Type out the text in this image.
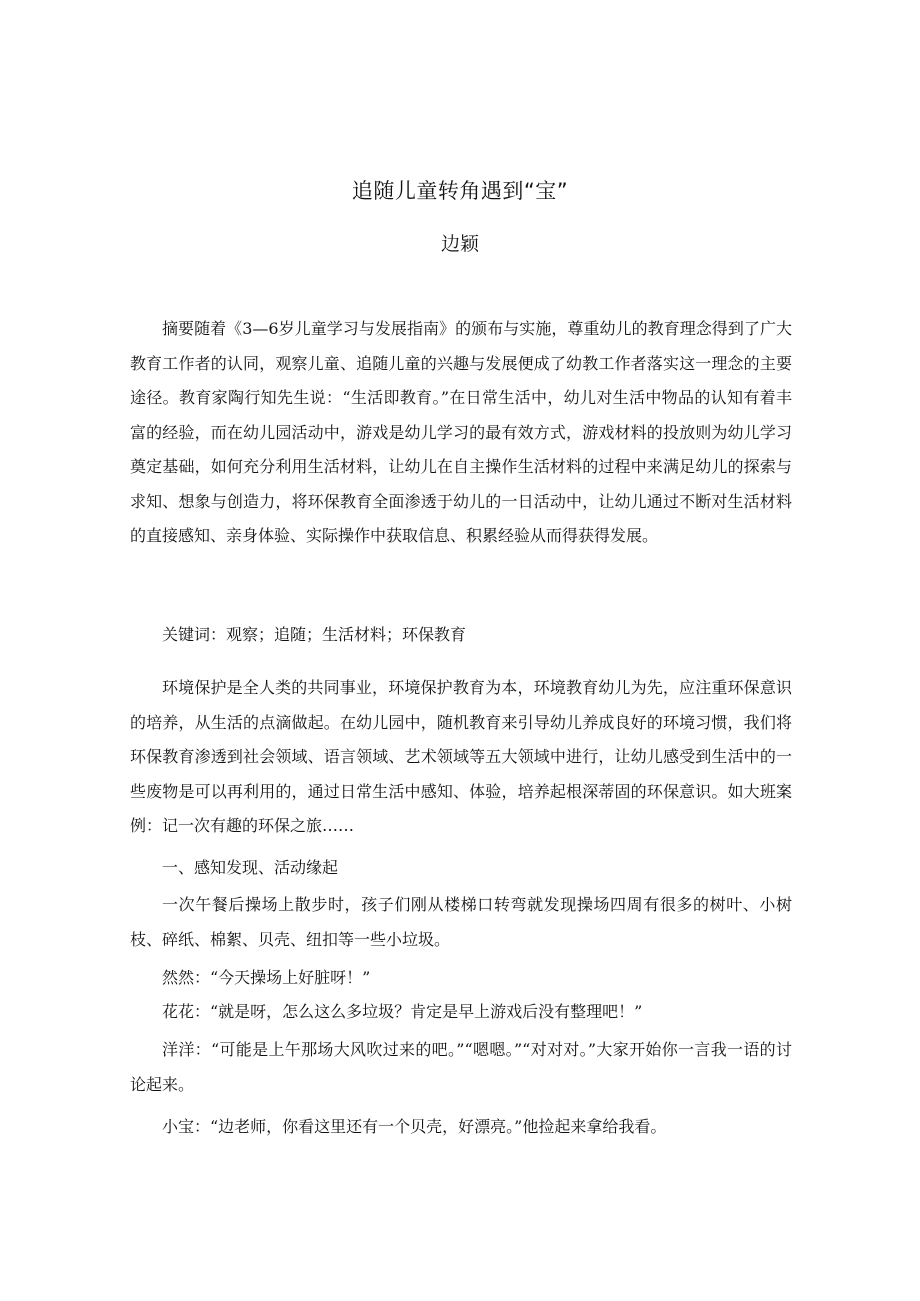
追随儿童转角遇到“宝”
边颖

摘要随着《3—6岁儿童学习与发展指南》的颁布与实施，尊重幼儿的教育理念得到了广大教育工作者的认同，观察儿童、追随儿童的兴趣与发展便成了幼教工作者落实这一理念的主要途径。教育家陶行知先生说：“生活即教育。”在日常生活中，幼儿对生活中物品的认知有着丰富的经验，而在幼儿园活动中，游戏是幼儿学习的最有效方式，游戏材料的投放则为幼儿学习奠定基础，如何充分利用生活材料，让幼儿在自主操作生活材料的过程中来满足幼儿的探索与求知、想象与创造力，将环保教育全面渗透于幼儿的一日活动中，让幼儿通过不断对生活材料的直接感知、亲身体验、实际操作中获取信息、积累经验从而得获得发展。

关键词：观察；追随；生活材料；环保教育

环境保护是全人类的共同事业，环境保护教育为本，环境教育幼儿为先，应注重环保意识的培养，从生活的点滴做起。在幼儿园中，随机教育来引导幼儿养成良好的环境习惯，我们将环保教育渗透到社会领域、语言领域、艺术领域等五大领域中进行，让幼儿感受到生活中的一些废物是可以再利用的，通过日常生活中感知、体验，培养起根深蒂固的环保意识。如大班案例：记一次有趣的环保之旅……

一、感知发现、活动缘起

一次午餐后操场上散步时，孩子们刚从楼梯口转弯就发现操场四周有很多的树叶、小树枝、碎纸、棉絮、贝壳、纽扣等一些小垃圾。

然然：“今天操场上好脏呀！”

花花：“就是呀，怎么这么多垃圾？肯定是早上游戏后没有整理吧！”

洋洋：“可能是上午那场大风吹过来的吧。”“嗯嗯。”“对对对。”大家开始你一言我一语的讨论起来。

小宝：“边老师，你看这里还有一个贝壳，好漂亮。”他捡起来拿给我看。
